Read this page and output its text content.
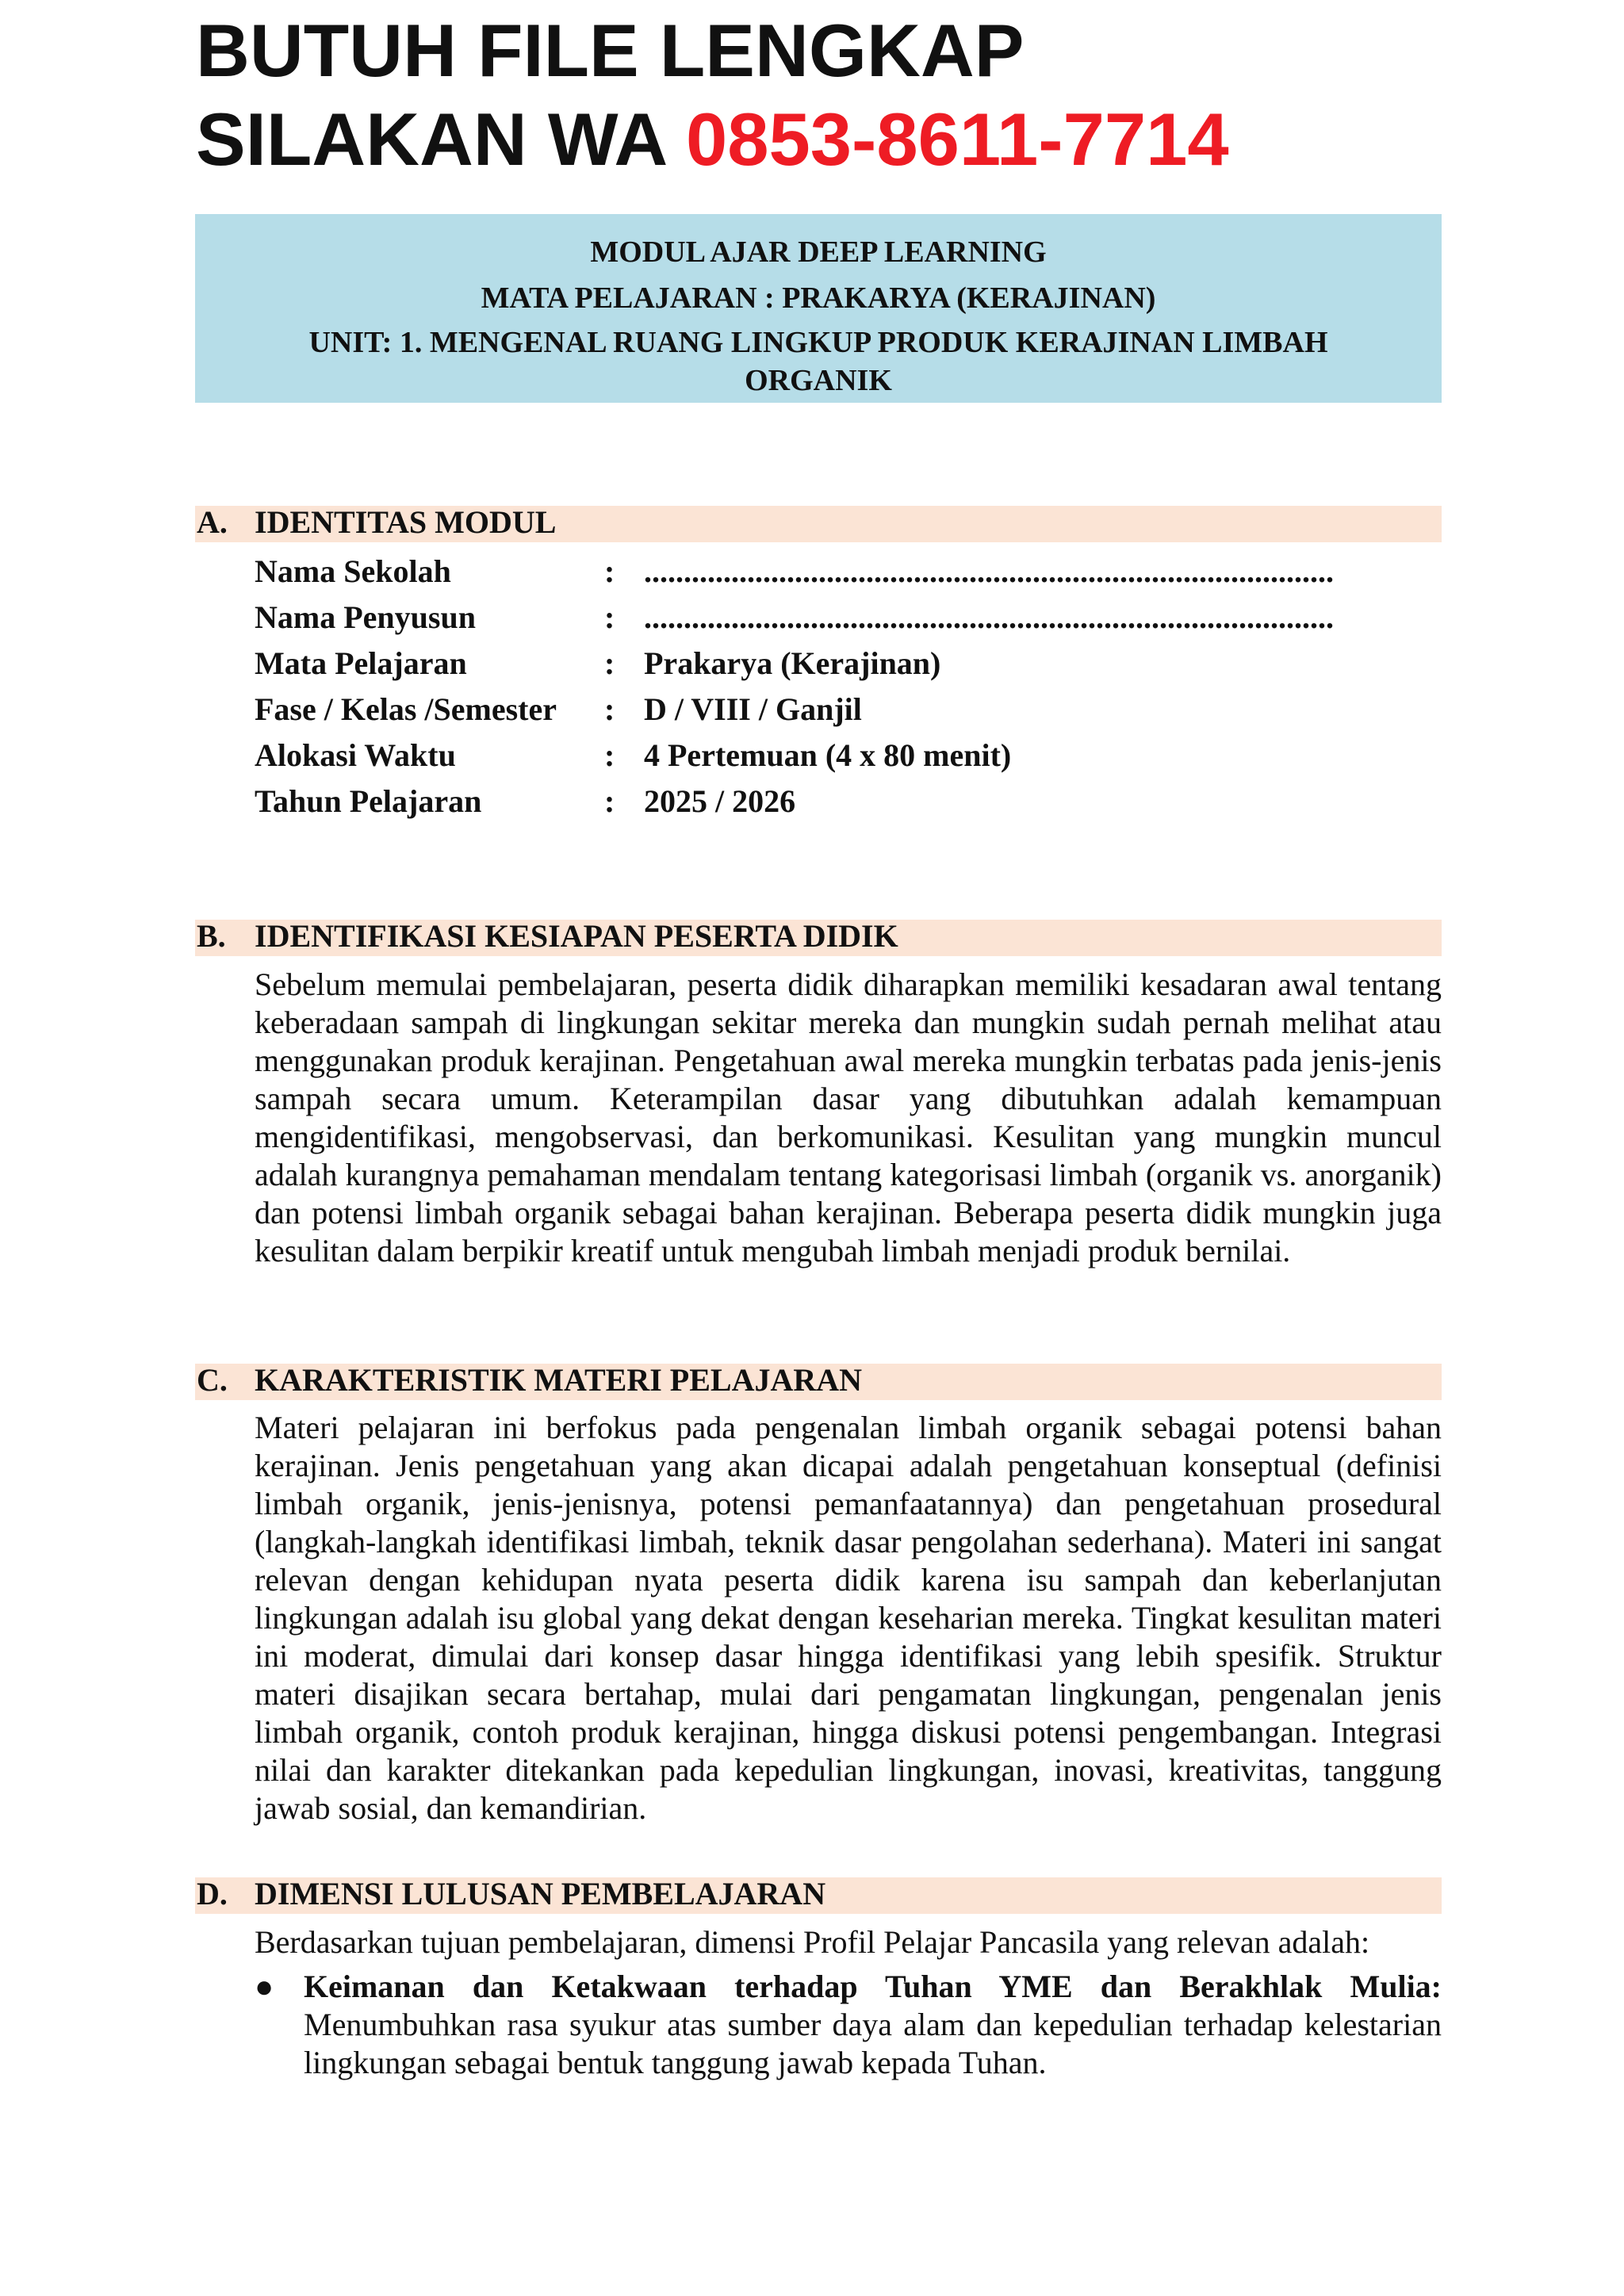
BUTUH FILE LENGKAP
SILAKAN WA 0853-8611-7714
MODUL AJAR DEEP LEARNING
MATA PELAJARAN : PRAKARYA (KERAJINAN)
UNIT: 1. MENGENAL RUANG LINGKUP PRODUK KERAJINAN LIMBAH ORGANIK
A. IDENTITAS MODUL
Nama Sekolah	: .......................................................................................
Nama Penyusun	: .......................................................................................
Mata Pelajaran	: Prakarya (Kerajinan)
Fase / Kelas /Semester : D / VIII / Ganjil
Alokasi Waktu	: 4 Pertemuan (4 x 80 menit)
Tahun Pelajaran	: 2025 / 2026
B. IDENTIFIKASI KESIAPAN PESERTA DIDIK

Sebelum memulai pembelajaran, peserta didik diharapkan memiliki kesadaran awal tentang keberadaan sampah di lingkungan sekitar mereka dan mungkin sudah pernah melihat atau menggunakan produk kerajinan. Pengetahuan awal mereka mungkin terbatas pada jenis-jenis sampah secara umum. Keterampilan dasar yang dibutuhkan adalah kemampuan mengidentifikasi, mengobservasi, dan berkomunikasi. Kesulitan yang mungkin muncul adalah kurangnya pemahaman mendalam tentang kategorisasi limbah (organik vs. anorganik) dan potensi limbah organik sebagai bahan kerajinan. Beberapa peserta didik mungkin juga kesulitan dalam berpikir kreatif untuk mengubah limbah menjadi produk bernilai.

C. KARAKTERISTIK MATERI PELAJARAN

Materi pelajaran ini berfokus pada pengenalan limbah organik sebagai potensi bahan kerajinan. Jenis pengetahuan yang akan dicapai adalah pengetahuan konseptual (definisi limbah organik, jenis-jenisnya, potensi pemanfaatannya) dan pengetahuan prosedural (langkah-langkah identifikasi limbah, teknik dasar pengolahan sederhana). Materi ini sangat relevan dengan kehidupan nyata peserta didik karena isu sampah dan keberlanjutan lingkungan adalah isu global yang dekat dengan keseharian mereka. Tingkat kesulitan materi ini moderat, dimulai dari konsep dasar hingga identifikasi yang lebih spesifik. Struktur materi disajikan secara bertahap, mulai dari pengamatan lingkungan, pengenalan jenis limbah organik, contoh produk kerajinan, hingga diskusi potensi pengembangan. Integrasi nilai dan karakter ditekankan pada kepedulian lingkungan, inovasi, kreativitas, tanggung jawab sosial, dan kemandirian.

D. DIMENSI LULUSAN PEMBELAJARAN

Berdasarkan tujuan pembelajaran, dimensi Profil Pelajar Pancasila yang relevan adalah:

● Keimanan dan Ketakwaan terhadap Tuhan YME dan Berakhlak Mulia: Menumbuhkan rasa syukur atas sumber daya alam dan kepedulian terhadap kelestarian lingkungan sebagai bentuk tanggung jawab kepada Tuhan.
